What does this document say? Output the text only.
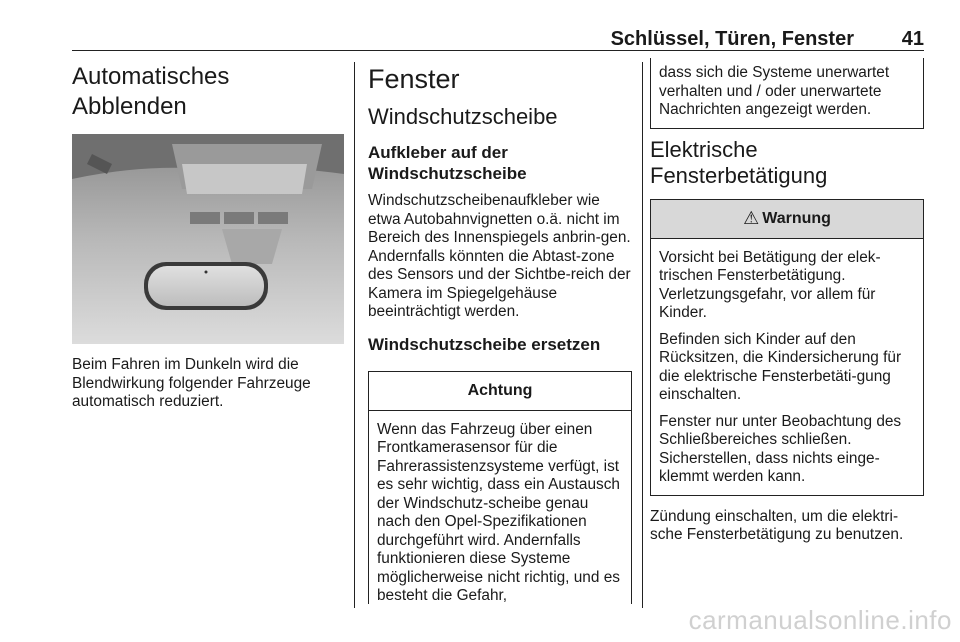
Schlüssel, Türen, Fenster 41
Automatisches Abblenden

Beim Fahren im Dunkeln wird die Blendwirkung folgender Fahrzeuge automatisch reduziert.

Fenster
Windschutzscheibe
Aufkleber auf der Windschutzscheibe

Windschutzscheibenaufkleber wie etwa Autobahnvignetten o.ä. nicht im Bereich des Innenspiegels anbrin-gen. Andernfalls könnten die Abtast-zone des Sensors und der Sichtbe-reich der Kamera im Spiegelgehäuse beeinträchtigt werden.

Windschutzscheibe ersetzen
Achtung

Wenn das Fahrzeug über einen Frontkamerasensor für die Fahrerassistenzsysteme verfügt, ist es sehr wichtig, dass ein Austausch der Windschutz-scheibe genau nach den Opel-Spezifikationen durchgeführt wird. Andernfalls funktionieren diese Systeme möglicherweise nicht richtig, und es besteht die Gefahr,

dass sich die Systeme unerwartet verhalten und / oder unerwartete Nachrichten angezeigt werden.

Elektrische
Fensterbetätigung
⚠ Warnung

Vorsicht bei Betätigung der elek-trischen Fensterbetätigung. Verletzungsgefahr, vor allem für Kinder.

Befinden sich Kinder auf den Rücksitzen, die Kindersicherung für die elektrische Fensterbetäti-gung einschalten.

Fenster nur unter Beobachtung des Schließbereiches schließen. Sicherstellen, dass nichts einge-klemmt werden kann.

Zündung einschalten, um die elektri-sche Fensterbetätigung zu benutzen.

carmanualsonline.info
